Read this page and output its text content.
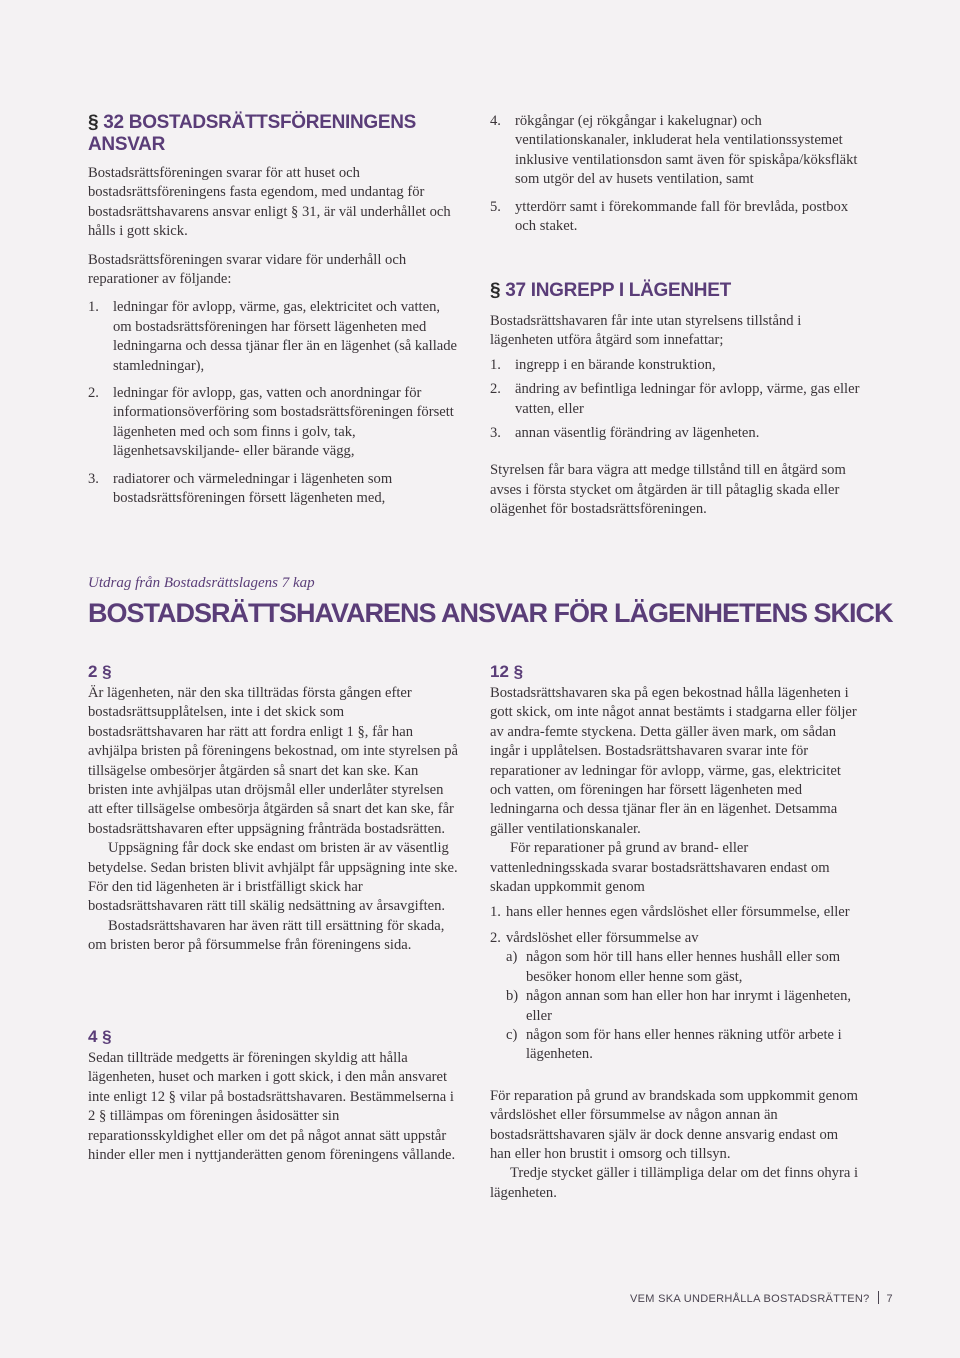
§ 32 BOSTADSRÄTTSFÖRENINGENS ANSVAR

Bostadsrättsföreningen svarar för att huset och bostadsrättsföreningens fasta egendom, med undantag för bostadsrättshavarens ansvar enligt § 31, är väl underhållet och hålls i gott skick.

Bostadsrättsföreningen svarar vidare för underhåll och reparationer av följande:

1. ledningar för avlopp, värme, gas, elektricitet och vatten, om bostadsrättsföreningen har försett lägenheten med ledningarna och dessa tjänar fler än en lägenhet (så kallade stamledningar),
2. ledningar för avlopp, gas, vatten och anordningar för informationsöverföring som bostadsrättsföreningen försett lägenheten med och som finns i golv, tak, lägenhetsavskiljande- eller bärande vägg,
3. radiatorer och värmeledningar i lägenheten som bostadsrättsföreningen försett lägenheten med,
4. rökgångar (ej rökgångar i kakelugnar) och ventilationskanaler, inkluderat hela ventilationssystemet inklusive ventilationsdon samt även för spiskåpa/köksfläkt som utgör del av husets ventilation, samt
5. ytterdörr samt i förekommande fall för brevlåda, postbox och staket.
§ 37 INGREPP I LÄGENHET

Bostadsrättshavaren får inte utan styrelsens tillstånd i lägenheten utföra åtgärd som innefattar;

1. ingrepp i en bärande konstruktion,
2. ändring av befintliga ledningar för avlopp, värme, gas eller vatten, eller
3. annan väsentlig förändring av lägenheten.

Styrelsen får bara vägra att medge tillstånd till en åtgärd som avses i första stycket om åtgärden är till påtaglig skada eller olägenhet för bostadsrättsföreningen.

Utdrag från Bostadsrättslagens 7 kap

BOSTADSRÄTTSHAVARENS ANSVAR FÖR LÄGENHETENS SKICK
2 §

Är lägenheten, när den ska tillträdas första gången efter bostadsrättsupplåtelsen, inte i det skick som bostadsrättshavaren har rätt att fordra enligt 1 §, får han avhjälpa bristen på föreningens bekostnad, om inte styrelsen på tillsägelse ombesörjer åtgärden så snart det kan ske. Kan bristen inte avhjälpas utan dröjsmål eller underlåter styrelsen att efter tillsägelse ombesörja åtgärden så snart det kan ske, får bostadsrättshavaren efter uppsägning frånträda bostadsrätten.

Uppsägning får dock ske endast om bristen är av väsentlig betydelse. Sedan bristen blivit avhjälpt får uppsägning inte ske. För den tid lägenheten är i bristfälligt skick har bostadsrättshavaren rätt till skälig nedsättning av årsavgiften.

Bostadsrättshavaren har även rätt till ersättning för skada, om bristen beror på försummelse från föreningens sida.

4 §

Sedan tillträde medgetts är föreningen skyldig att hålla lägenheten, huset och marken i gott skick, i den mån ansvaret inte enligt 12 § vilar på bostadsrättshavaren. Bestämmelserna i 2 § tillämpas om föreningen åsidosätter sin reparationsskyldighet eller om det på något annat sätt uppstår hinder eller men i nyttjanderätten genom föreningens vållande.

12 §

Bostadsrättshavaren ska på egen bekostnad hålla lägenheten i gott skick, om inte något annat bestämts i stadgarna eller följer av andra-femte styckena. Detta gäller även mark, om sådan ingår i upplåtelsen. Bostadsrättshavaren svarar inte för reparationer av ledningar för avlopp, värme, gas, elektricitet och vatten, om föreningen har försett lägenheten med ledningarna och dessa tjänar fler än en lägenhet. Detsamma gäller ventilationskanaler.

För reparationer på grund av brand- eller vattenledningsskada svarar bostadsrättshavaren endast om skadan uppkommit genom

1. hans eller hennes egen vårdslöshet eller försummelse, eller
2. vårdslöshet eller försummelse av
a) någon som hör till hans eller hennes hushåll eller som besöker honom eller henne som gäst,
b) någon annan som han eller hon har inrymt i lägenheten, eller
c) någon som för hans eller hennes räkning utför arbete i lägenheten.

För reparation på grund av brandskada som uppkommit genom vårdslöshet eller försummelse av någon annan än bostadsrättshavaren själv är dock denne ansvarig endast om han eller hon brustit i omsorg och tillsyn.

Tredje stycket gäller i tillämpliga delar om det finns ohyra i lägenheten.

VEM SKA UNDERHÅLLA BOSTADSRÄTTEN? 7
